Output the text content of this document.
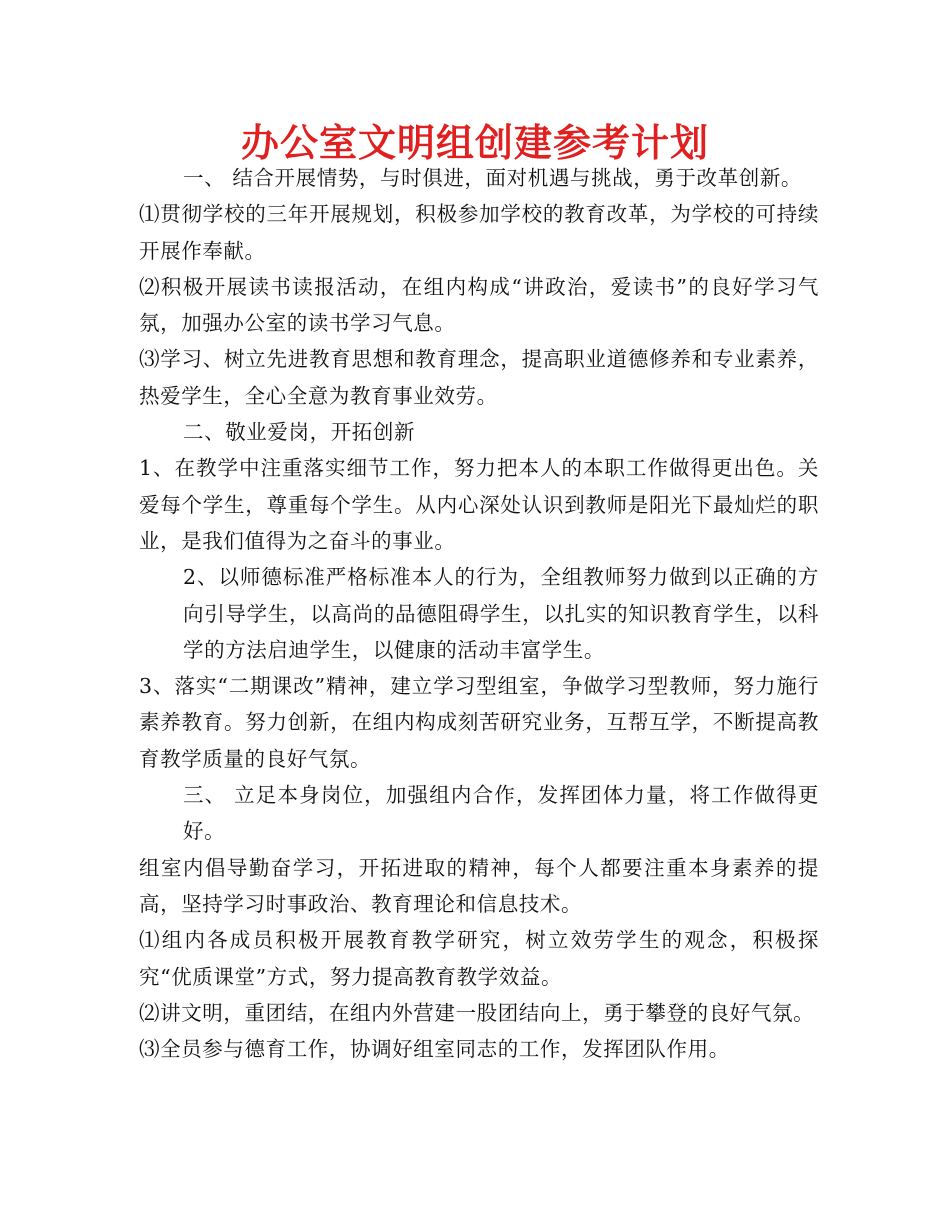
办公室文明组创建参考计划

一、 结合开展情势，与时俱进，面对机遇与挑战，勇于改革创新。

⑴贯彻学校的三年开展规划，积极参加学校的教育改革，为学校的可持续开展作奉献。

⑵积极开展读书读报活动，在组内构成“讲政治，爱读书”的良好学习气氛，加强办公室的读书学习气息。

⑶学习、树立先进教育思想和教育理念，提高职业道德修养和专业素养，热爱学生，全心全意为教育事业效劳。

二、敬业爱岗，开拓创新

1、在教学中注重落实细节工作，努力把本人的本职工作做得更出色。关爱每个学生，尊重每个学生。从内心深处认识到教师是阳光下最灿烂的职业，是我们值得为之奋斗的事业。

2、以师德标准严格标准本人的行为，全组教师努力做到以正确的方向引导学生，以高尚的品德阻碍学生，以扎实的知识教育学生，以科学的方法启迪学生，以健康的活动丰富学生。

3、落实“二期课改”精神，建立学习型组室，争做学习型教师，努力施行素养教育。努力创新，在组内构成刻苦研究业务，互帮互学，不断提高教育教学质量的良好气氛。

三、 立足本身岗位，加强组内合作，发挥团体力量，将工作做得更好。

组室内倡导勤奋学习，开拓进取的精神，每个人都要注重本身素养的提高，坚持学习时事政治、教育理论和信息技术。

⑴组内各成员积极开展教育教学研究，树立效劳学生的观念，积极探究“优质课堂”方式，努力提高教育教学效益。

⑵讲文明，重团结，在组内外营建一股团结向上，勇于攀登的良好气氛。

⑶全员参与德育工作，协调好组室同志的工作，发挥团队作用。
